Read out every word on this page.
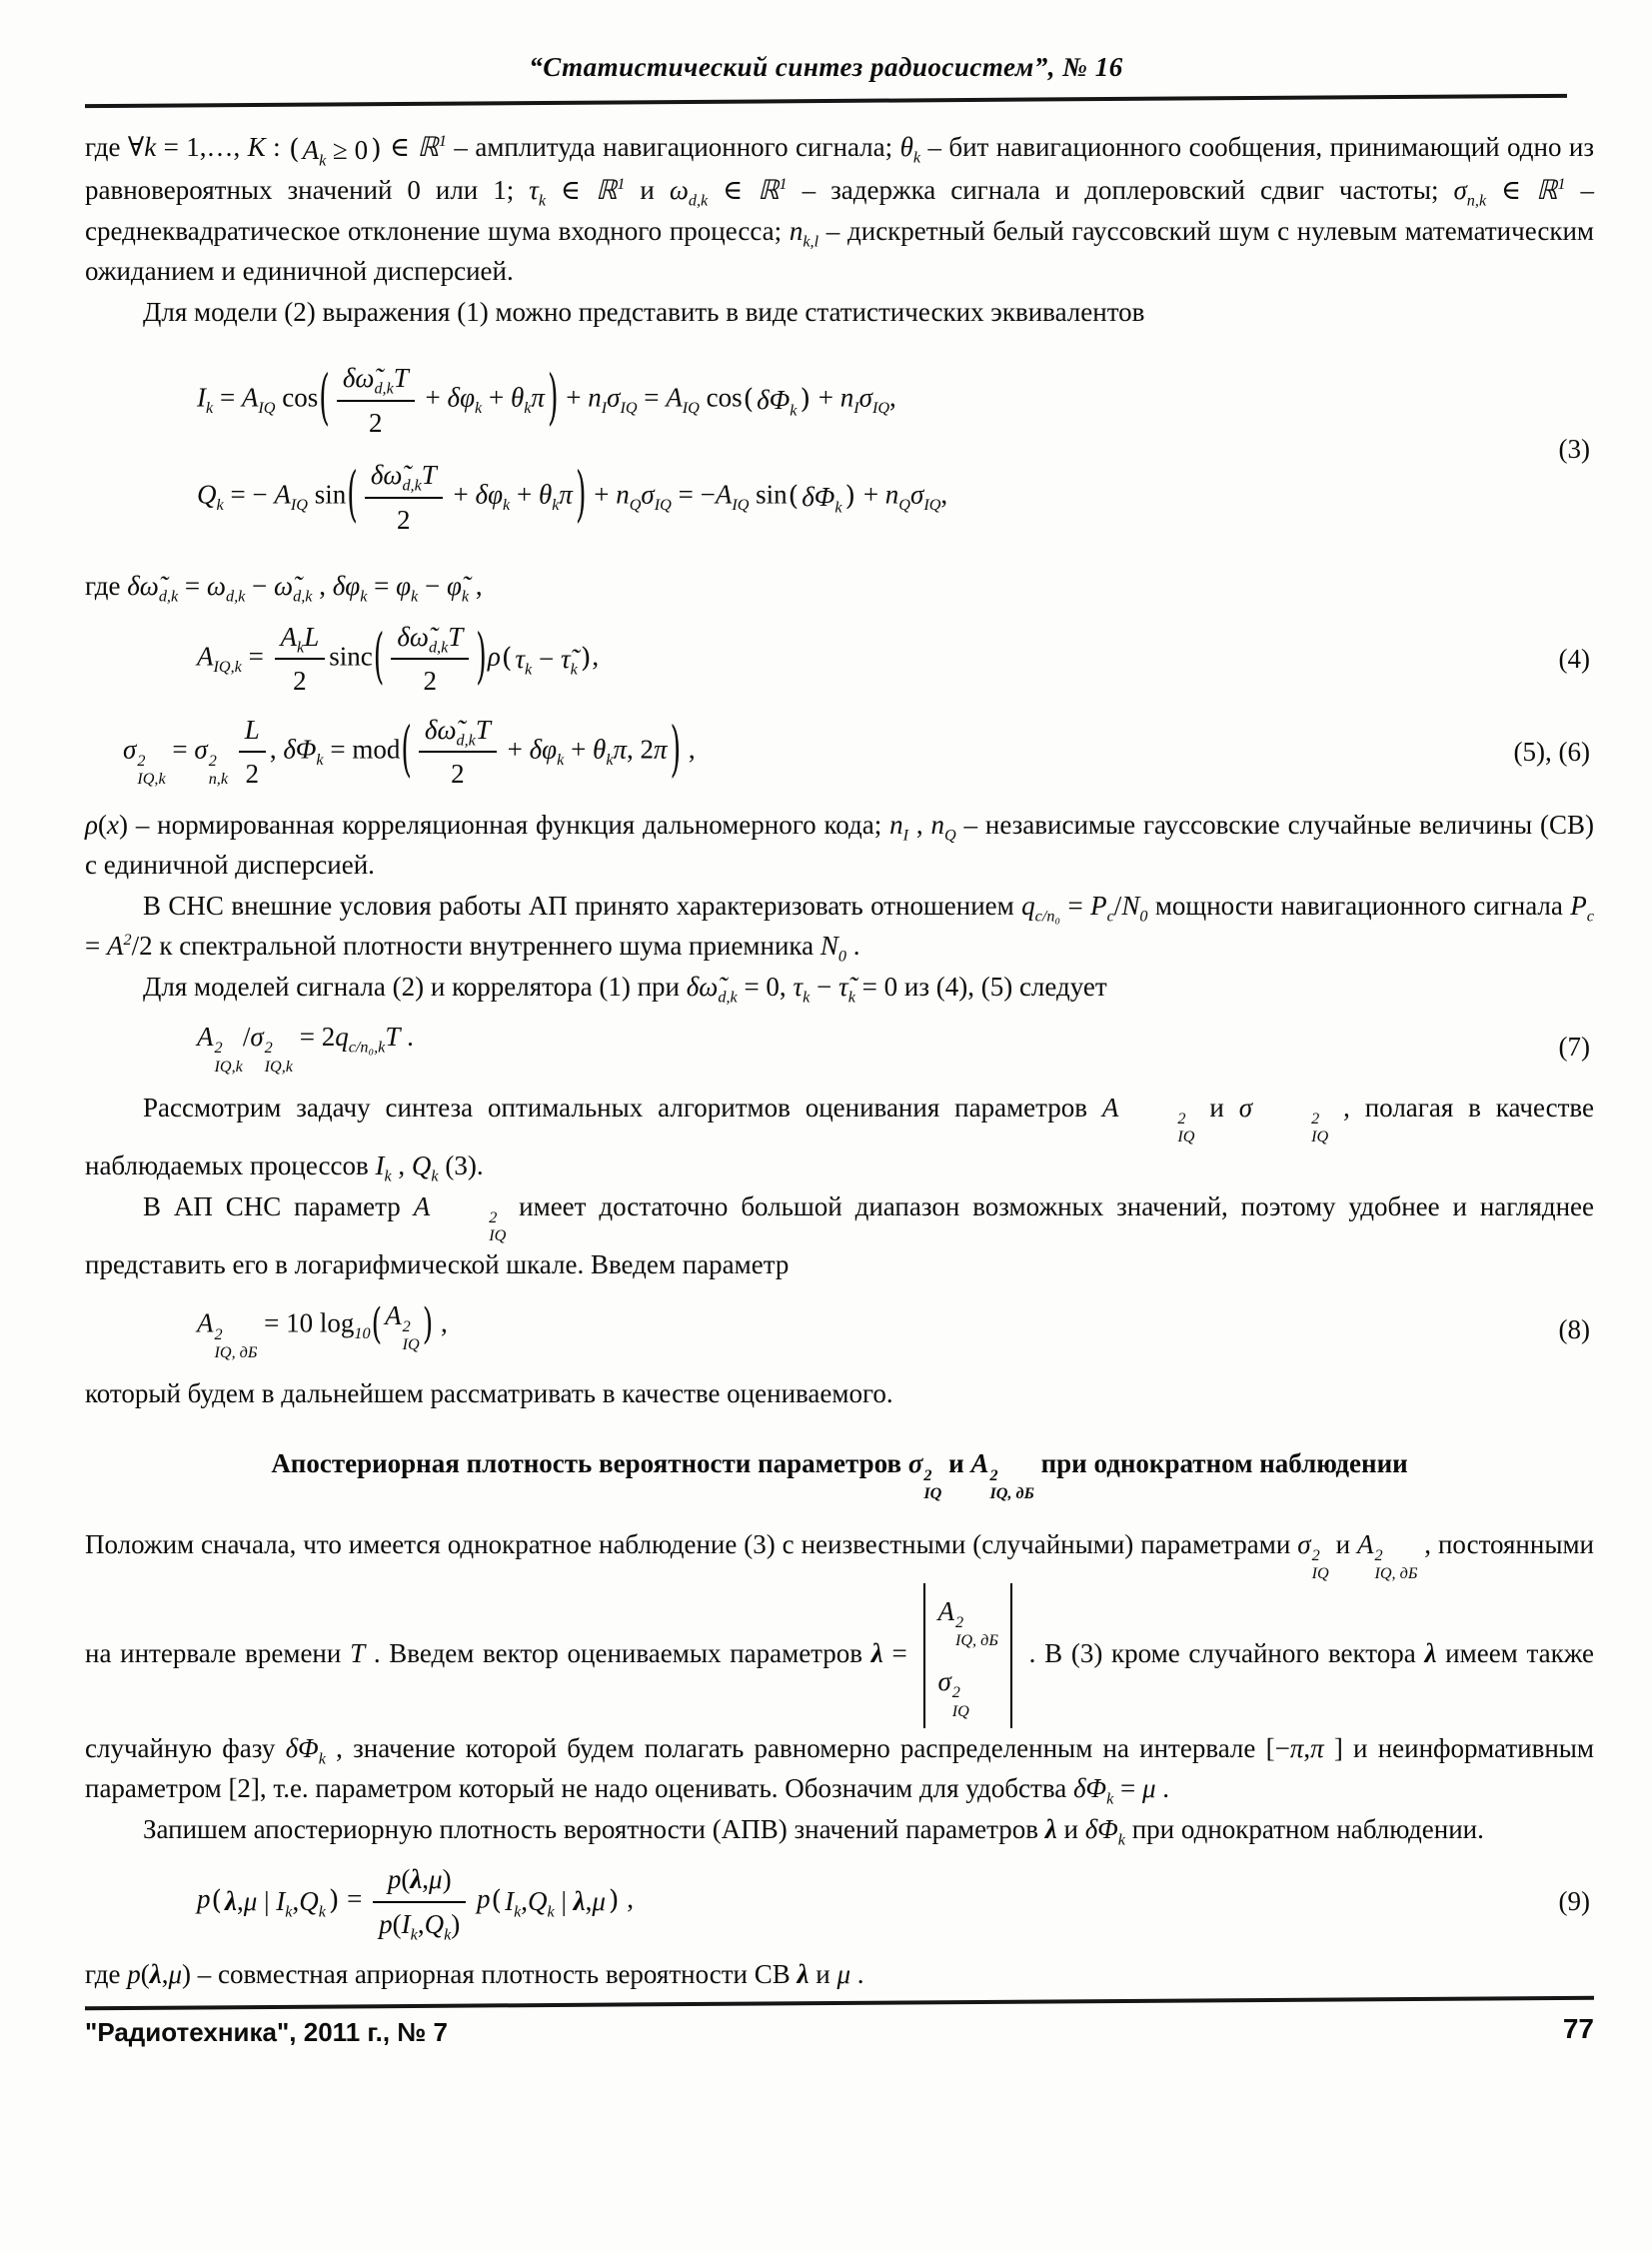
“Статистический синтез радиосистем”, № 16

где ∀k = 1,…, K : ( $A_k \ge 0$ ) ∈ ℝ$^1$ – амплитуда навигационного сигнала; $\theta_k$ – бит навигационного сообщения, принимающий одно из равновероятных значений 0 или 1; $\tau_k$ ∈ ℝ$^1$ и $\omega_{d,k}$ ∈ ℝ$^1$ – задержка сигнала и доплеровский сдвиг частоты; $\sigma_{n,k}$ ∈ ℝ$^1$ – среднеквадратическое отклонение шума входного процесса; $n_{k,l}$ – дискретный белый гауссовский шум с нулевым математическим ожиданием и единичной дисперсией.

Для модели (2) выражения (1) можно представить в виде статистических эквивалентов

$I_k = A_{IQ}$ cos ( $\frac{\delta\omegã_{d,k}T}{2} + \delta\varphi_k + \theta_k\pi$ ) + $n_I\sigma_{IQ} = A_{IQ}$ cos ( $\delta\Phi_k$ ) + $n_I\sigma_{IQ}$,
$Q_k$ = − $A_{IQ}$ sin ( $\frac{\delta\omegã_{d,k}T}{2} + \delta\varphi_k + \theta_k\pi$ ) + $n_Q\sigma_{IQ} = -A_{IQ}$ sin ( $\delta\Phi_k$ ) + $n_Q\sigma_{IQ}$,
(3)

где $\delta\omegã_{d,k} = \omega_{d,k}$ − $\omegã_{d,k}$ , $\delta\varphi_k = \varphi_k$ − $\varphĩ_k$ ,

$A_{IQ,k} = \frac{A_kL}{2}$ sinc ( $\frac{\delta\omegã_{d,k}T}{2}$ ) ρ ( $\tau_k$ − $\taũ_k$ ) ,	(4)
σ 2
IQ,k
= σ 2
n,k
$\frac{L}{2}$ , $\delta\Phi_k$ = mod ( $\frac{\delta\omegã_{d,k}T}{2} + \delta\varphi_k + \theta_k\pi$, 2π ) ,	(5), (6)

ρ(x) – нормированная корреляционная функция дальномерного кода; $n_I$ , $n_Q$ – независимые гауссовские случайные величины (СВ) с единичной дисперсией.

В СНС внешние условия работы АП принято характеризовать отношением $q_{c/n_0} = P_c/N_0$ мощности навигационного сигнала $P_c = A^2/2$ к спектральной плотности внутреннего шума приемника $N_0$ .

Для моделей сигнала (2) и коррелятора (1) при $\delta\omegã_{d,k} = 0$, $\tau_k$ − $\taũ_k = 0$ из (4), (5) следует

A 2
IQ,k
/σ 2
IQ,k
= $2q_{c/n_0,k}T$ .	(7)

Рассмотрим задачу синтеза оптимальных алгоритмов оценивания параметров A	2
IQ
и σ	2
IQ
, полагая в качестве наблюдаемых процессов $I_k$ , $Q_k$ (3).

В АП СНС параметр A	2
IQ
имеет достаточно большой диапазон возможных значений, поэтому удобнее и нагляднее представить его в логарифмической шкале. Введем параметр

A 2
IQ, дБ
= 10 $\log_{10}$ ( A 2
IQ ) ,	(8)

который будем в дальнейшем рассматривать в качестве оцениваемого.

Апостериорная плотность вероятности параметров σ 2
IQ
и A 2
IQ, дБ
при однократном наблюдении

Положим сначала, что имеется однократное наблюдение (3) с неизвестными (случайными) параметрами σ 2
IQ
и A 2
IQ, дБ
, постоянными на интервале времени T . Введем вектор оцениваемых параметров λ =
A 2
IQ, дБ
σ 2
IQ
. В (3) кроме случайного вектора λ имеем также случайную фазу $\delta\Phi_k$ , значение которой будем полагать равномерно распределенным на интервале [−π,π ] и неинформативным параметром [2], т.е. параметром который не надо оценивать. Обозначим для удобства $\delta\Phi_k = \mu$ .

Запишем апостериорную плотность вероятности (АПВ) значений параметров λ и $\delta\Phi_k$ при однократном наблюдении.

p ( λ,μ | $I_k,Q_k$ ) = $\frac{p(\lambda,\mu)}{p(I_k,Q_k)}$ p ( $I_k,Q_k$ | λ,μ ) ,	(9)

где p(λ,μ) – совместная априорная плотность вероятности СВ λ и μ .

"Радиотехника", 2011 г., № 7	77
